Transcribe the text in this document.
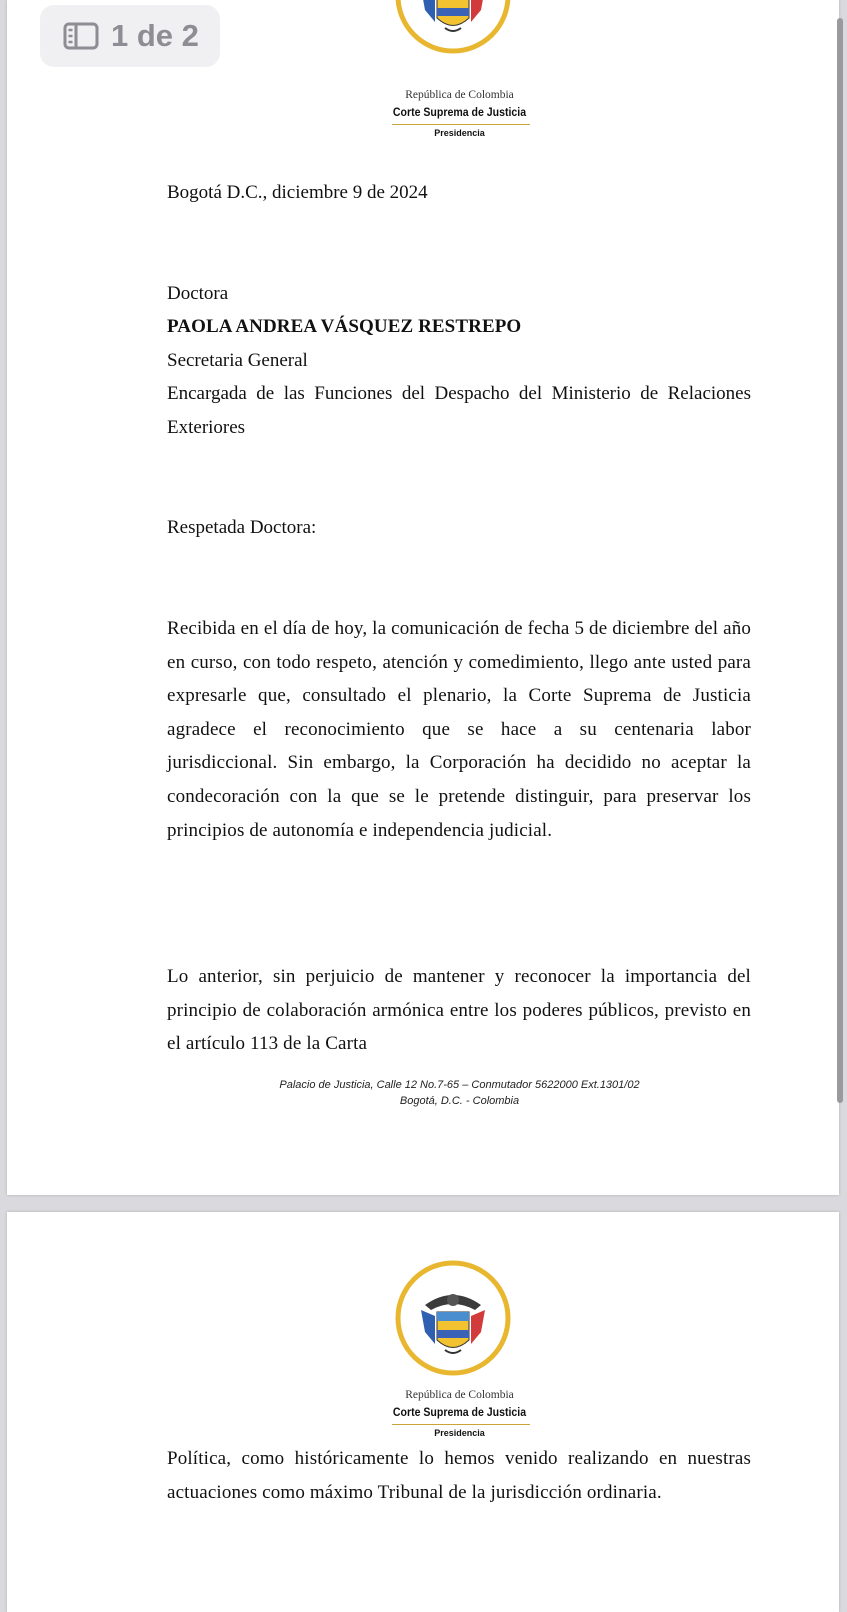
República de Colombia
Corte Suprema de Justicia
Presidencia
Bogotá D.C., diciembre 9 de 2024
Doctora
PAOLA ANDREA VÁSQUEZ RESTREPO
Secretaria General
Encargada de las Funciones del Despacho del Ministerio de Relaciones Exteriores
Respetada Doctora:
Recibida en el día de hoy, la comunicación de fecha 5 de diciembre del año en curso, con todo respeto, atención y comedimiento, llego ante usted para expresarle que, consultado el plenario, la Corte Suprema de Justicia agradece el reconocimiento que se hace a su centenaria labor jurisdiccional. Sin embargo, la Corporación ha decidido no aceptar la condecoración con la que se le pretende distinguir, para preservar los principios de autonomía e independencia judicial.
Lo anterior, sin perjuicio de mantener y reconocer la importancia del principio de colaboración armónica entre los poderes públicos, previsto en el artículo 113 de la Carta
Palacio de Justicia, Calle 12 No.7-65 – Conmutador 5622000 Ext.1301/02
Bogotá, D.C. - Colombia
República de Colombia
Corte Suprema de Justicia
Presidencia
Política, como históricamente lo hemos venido realizando en nuestras actuaciones como máximo Tribunal de la jurisdicción ordinaria.
1 de 2
